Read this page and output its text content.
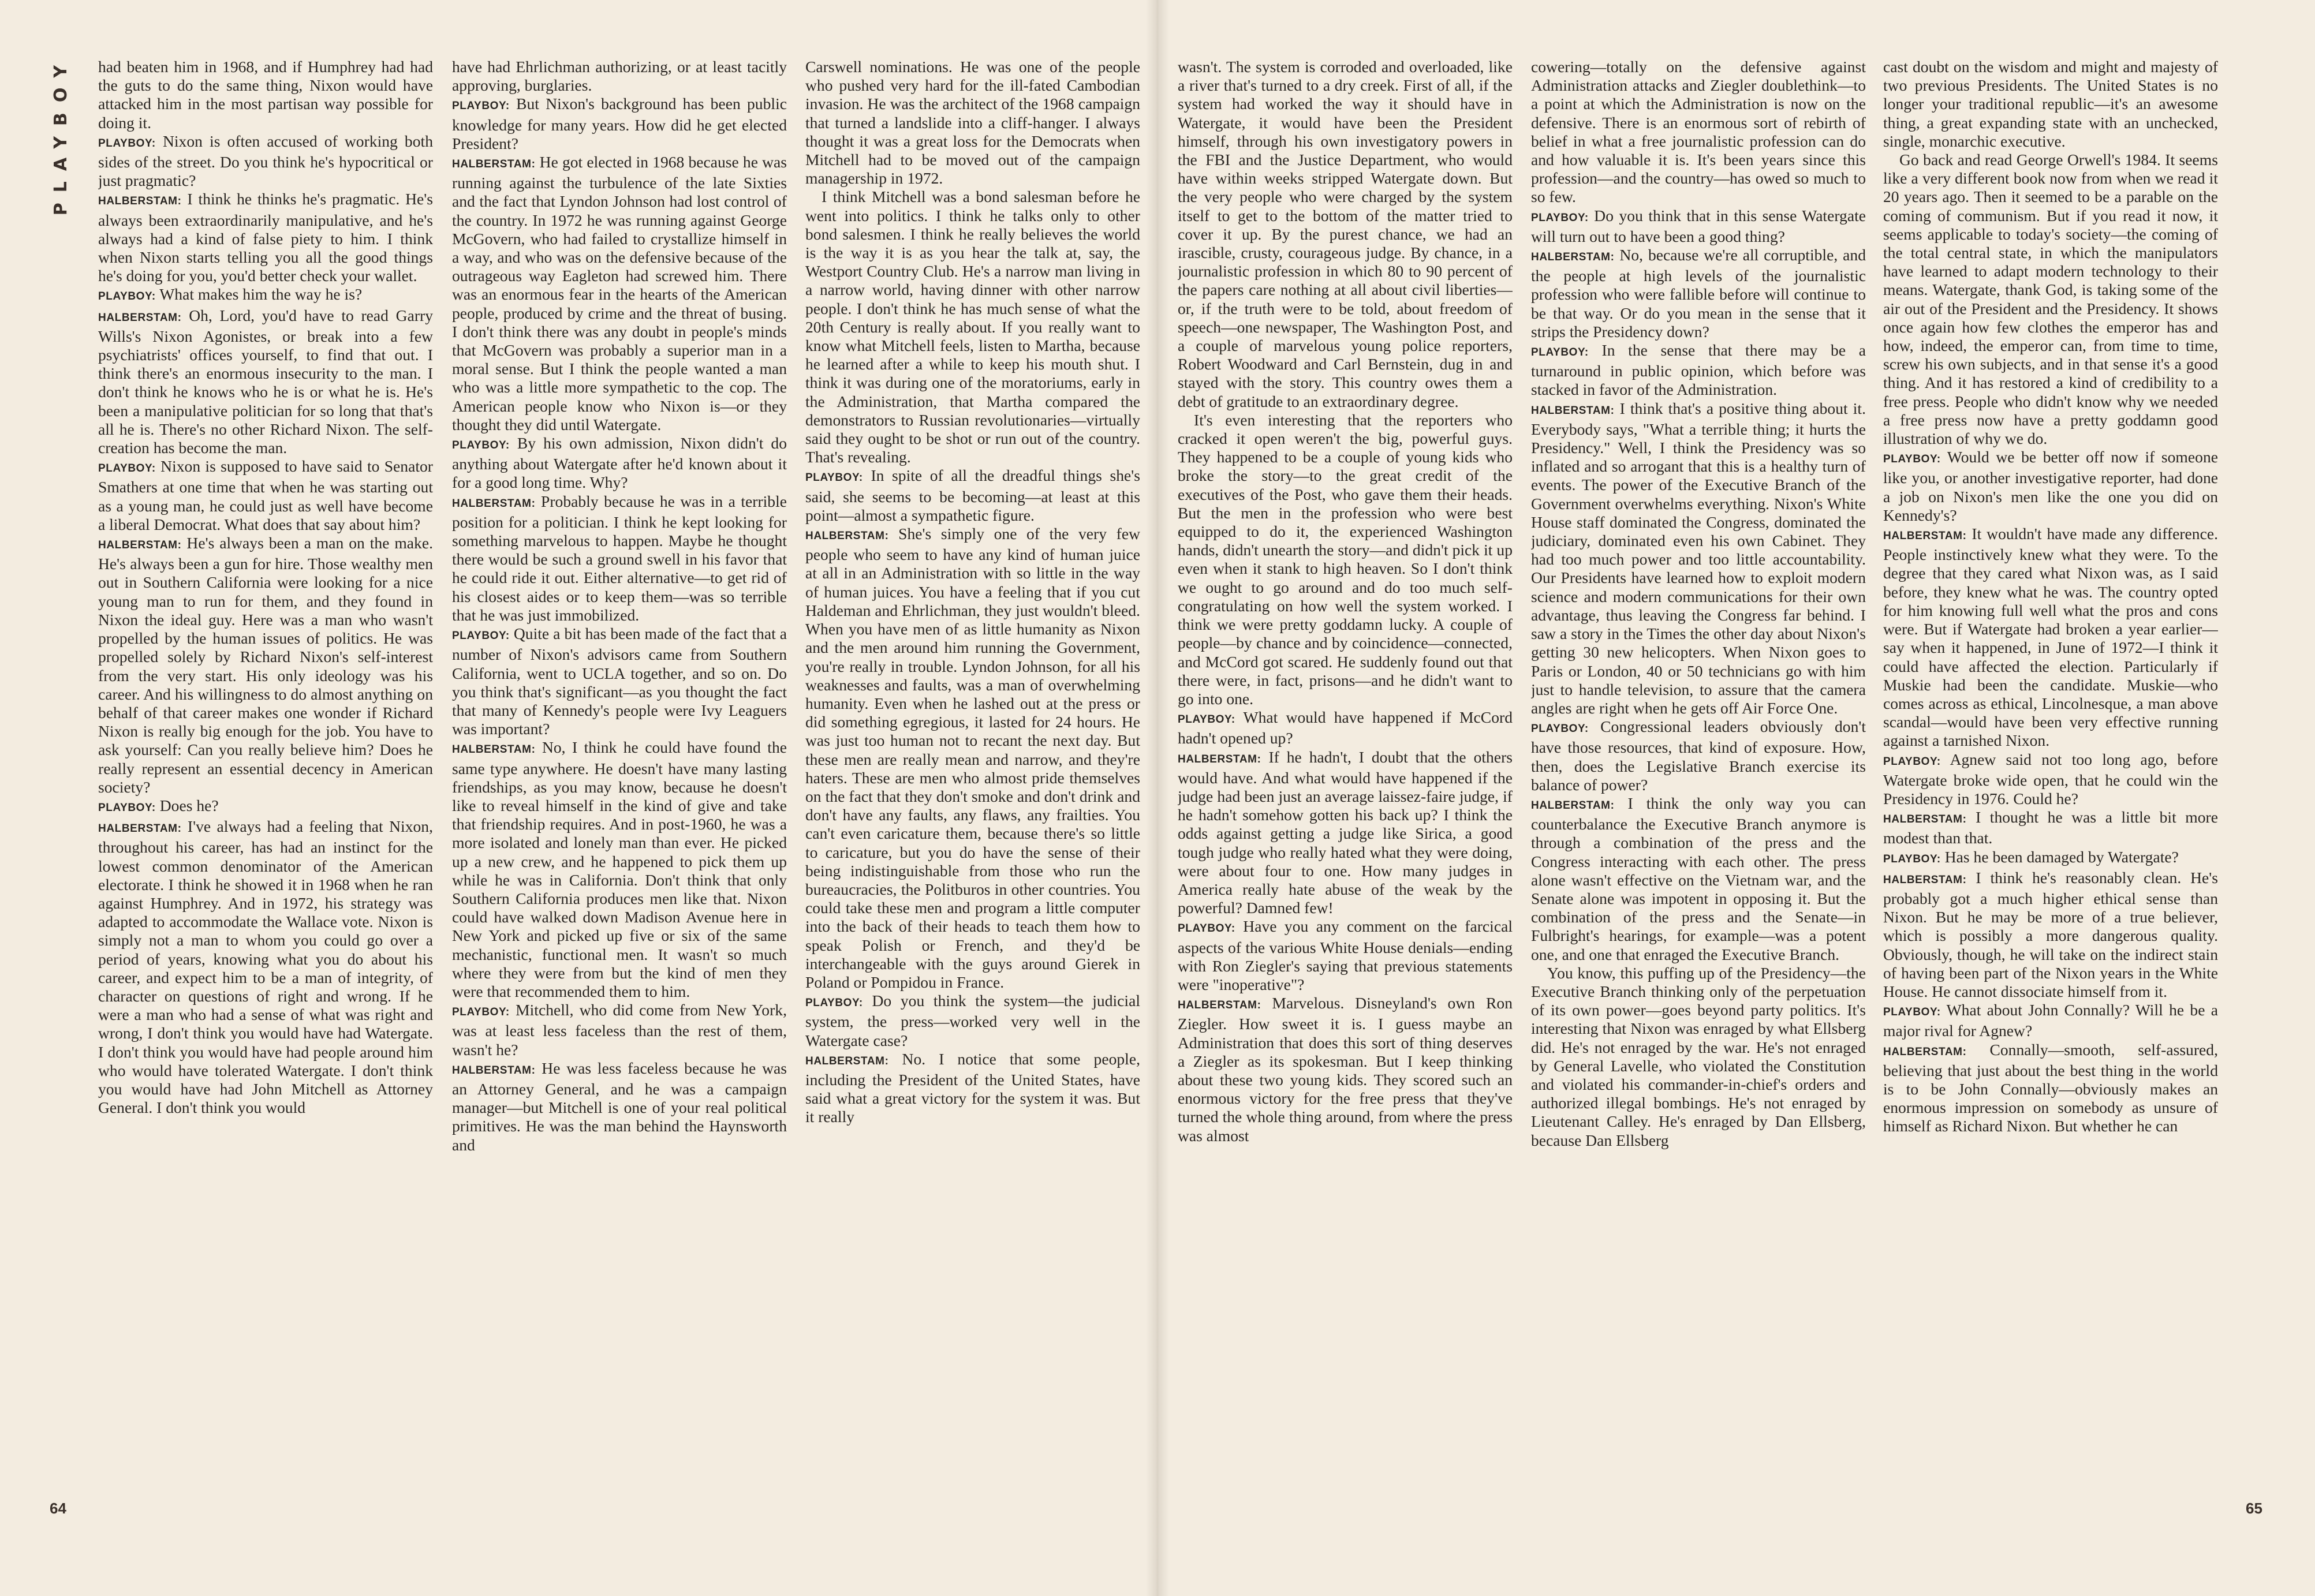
PLAYBOY had beaten him in 1968, and if Humphrey had had the guts to do the same thing, Nixon would have attacked him in the most partisan way possible for doing it.

PLAYBOY: Nixon is often accused of working both sides of the street. Do you think he's hypocritical or just pragmatic?

HALBERSTAM: I think he thinks he's pragmatic. He's always been extraordinarily manipulative, and he's always had a kind of false piety to him. I think when Nixon starts telling you all the good things he's doing for you, you'd better check your wallet.

PLAYBOY: What makes him the way he is?

HALBERSTAM: Oh, Lord, you'd have to read Garry Wills's Nixon Agonistes, or break into a few psychiatrists' offices yourself, to find that out. I think there's an enormous insecurity to the man. I don't think he knows who he is or what he is. He's been a manipulative politician for so long that that's all he is. There's no other Richard Nixon. The self-creation has become the man.

PLAYBOY: Nixon is supposed to have said to Senator Smathers at one time that when he was starting out as a young man, he could just as well have become a liberal Democrat. What does that say about him?

HALBERSTAM: He's always been a man on the make. He's always been a gun for hire. Those wealthy men out in Southern California were looking for a nice young man to run for them, and they found in Nixon the ideal guy. Here was a man who wasn't propelled by the human issues of politics. He was propelled solely by Richard Nixon's self-interest from the very start. His only ideology was his career. And his willingness to do almost anything on behalf of that career makes one wonder if Richard Nixon is really big enough for the job. You have to ask yourself: Can you really believe him? Does he really represent an essential decency in American society?

PLAYBOY: Does he?

HALBERSTAM: I've always had a feeling that Nixon, throughout his career, has had an instinct for the lowest common denominator of the American electorate. I think he showed it in 1968 when he ran against Humphrey. And in 1972, his strategy was adapted to accommodate the Wallace vote. Nixon is simply not a man to whom you could go over a period of years, knowing what you do about his career, and expect him to be a man of integrity, of character on questions of right and wrong. If he were a man who had a sense of what was right and wrong, I don't think you would have had Watergate. I don't think you would have had people around him who would have tolerated Watergate. I don't think you would have had John Mitchell as Attorney General. I don't think you would

have had Ehrlichman authorizing, or at least tacitly approving, burglaries.

PLAYBOY: But Nixon's background has been public knowledge for many years. How did he get elected President?

HALBERSTAM: He got elected in 1968 because he was running against the turbulence of the late Sixties and the fact that Lyndon Johnson had lost control of the country. In 1972 he was running against George McGovern, who had failed to crystallize himself in a way, and who was on the defensive because of the outrageous way Eagleton had screwed him. There was an enormous fear in the hearts of the American people, produced by crime and the threat of busing. I don't think there was any doubt in people's minds that McGovern was probably a superior man in a moral sense. But I think the people wanted a man who was a little more sympathetic to the cop. The American people know who Nixon is—or they thought they did until Watergate.

PLAYBOY: By his own admission, Nixon didn't do anything about Watergate after he'd known about it for a good long time. Why?

HALBERSTAM: Probably because he was in a terrible position for a politician. I think he kept looking for something marvelous to happen. Maybe he thought there would be such a ground swell in his favor that he could ride it out. Either alternative—to get rid of his closest aides or to keep them—was so terrible that he was just immobilized.

PLAYBOY: Quite a bit has been made of the fact that a number of Nixon's advisors came from Southern California, went to UCLA together, and so on. Do you think that's significant—as you thought the fact that many of Kennedy's people were Ivy Leaguers was important?

HALBERSTAM: No, I think he could have found the same type anywhere. He doesn't have many lasting friendships, as you may know, because he doesn't like to reveal himself in the kind of give and take that friendship requires. And in post-1960, he was a more isolated and lonely man than ever. He picked up a new crew, and he happened to pick them up while he was in California. Don't think that only Southern California produces men like that. Nixon could have walked down Madison Avenue here in New York and picked up five or six of the same mechanistic, functional men. It wasn't so much where they were from but the kind of men they were that recommended them to him.

PLAYBOY: Mitchell, who did come from New York, was at least less faceless than the rest of them, wasn't he?

HALBERSTAM: He was less faceless because he was an Attorney General, and he was a campaign manager—but Mitchell is one of your real political primitives. He was the man behind the Haynsworth and

Carswell nominations. He was one of the people who pushed very hard for the ill-fated Cambodian invasion. He was the architect of the 1968 campaign that turned a landslide into a cliff-hanger. I always thought it was a great loss for the Democrats when Mitchell had to be moved out of the campaign managership in 1972.

I think Mitchell was a bond salesman before he went into politics. I think he talks only to other bond salesmen. I think he really believes the world is the way it is as you hear the talk at, say, the Westport Country Club. He's a narrow man living in a narrow world, having dinner with other narrow people. I don't think he has much sense of what the 20th Century is really about. If you really want to know what Mitchell feels, listen to Martha, because he learned after a while to keep his mouth shut. I think it was during one of the moratoriums, early in the Administration, that Martha compared the demonstrators to Russian revolutionaries—virtually said they ought to be shot or run out of the country. That's revealing.

PLAYBOY: In spite of all the dreadful things she's said, she seems to be becoming—at least at this point—almost a sympathetic figure.

HALBERSTAM: She's simply one of the very few people who seem to have any kind of human juice at all in an Administration with so little in the way of human juices. You have a feeling that if you cut Haldeman and Ehrlichman, they just wouldn't bleed. When you have men of as little humanity as Nixon and the men around him running the Government, you're really in trouble. Lyndon Johnson, for all his weaknesses and faults, was a man of overwhelming humanity. Even when he lashed out at the press or did something egregious, it lasted for 24 hours. He was just too human not to recant the next day. But these men are really mean and narrow, and they're haters. These are men who almost pride themselves on the fact that they don't smoke and don't drink and don't have any faults, any flaws, any frailties. You can't even caricature them, because there's so little to caricature, but you do have the sense of their being indistinguishable from those who run the bureaucracies, the Politburos in other countries. You could take these men and program a little computer into the back of their heads to teach them how to speak Polish or French, and they'd be interchangeable with the guys around Gierek in Poland or Pompidou in France.

PLAYBOY: Do you think the system—the judicial system, the press—worked very well in the Watergate case?

HALBERSTAM: No. I notice that some people, including the President of the United States, have said what a great victory for the system it was. But it really

wasn't. The system is corroded and overloaded, like a river that's turned to a dry creek. First of all, if the system had worked the way it should have in Watergate, it would have been the President himself, through his own investigatory powers in the FBI and the Justice Department, who would have within weeks stripped Watergate down. But the very people who were charged by the system itself to get to the bottom of the matter tried to cover it up. By the purest chance, we had an irascible, crusty, courageous judge. By chance, in a journalistic profession in which 80 to 90 percent of the papers care nothing at all about civil liberties—or, if the truth were to be told, about freedom of speech—one newspaper, The Washington Post, and a couple of marvelous young police reporters, Robert Woodward and Carl Bernstein, dug in and stayed with the story. This country owes them a debt of gratitude to an extraordinary degree.

It's even interesting that the reporters who cracked it open weren't the big, powerful guys. They happened to be a couple of young kids who broke the story—to the great credit of the executives of the Post, who gave them their heads. But the men in the profession who were best equipped to do it, the experienced Washington hands, didn't unearth the story—and didn't pick it up even when it stank to high heaven. So I don't think we ought to go around and do too much self-congratulating on how well the system worked. I think we were pretty goddamn lucky. A couple of people—by chance and by coincidence—connected, and McCord got scared. He suddenly found out that there were, in fact, prisons—and he didn't want to go into one.

PLAYBOY: What would have happened if McCord hadn't opened up?

HALBERSTAM: If he hadn't, I doubt that the others would have. And what would have happened if the judge had been just an average laissez-faire judge, if he hadn't somehow gotten his back up? I think the odds against getting a judge like Sirica, a good tough judge who really hated what they were doing, were about four to one. How many judges in America really hate abuse of the weak by the powerful? Damned few!

PLAYBOY: Have you any comment on the farcical aspects of the various White House denials—ending with Ron Ziegler's saying that previous statements were "inoperative"?

HALBERSTAM: Marvelous. Disneyland's own Ron Ziegler. How sweet it is. I guess maybe an Administration that does this sort of thing deserves a Ziegler as its spokesman. But I keep thinking about these two young kids. They scored such an enormous victory for the free press that they've turned the whole thing around, from where the press was almost

cowering—totally on the defensive against Administration attacks and Ziegler doublethink—to a point at which the Administration is now on the defensive. There is an enormous sort of rebirth of belief in what a free journalistic profession can do and how valuable it is. It's been years since this profession—and the country—has owed so much to so few.

PLAYBOY: Do you think that in this sense Watergate will turn out to have been a good thing?

HALBERSTAM: No, because we're all corruptible, and the people at high levels of the journalistic profession who were fallible before will continue to be that way. Or do you mean in the sense that it strips the Presidency down?

PLAYBOY: In the sense that there may be a turnaround in public opinion, which before was stacked in favor of the Administration.

HALBERSTAM: I think that's a positive thing about it. Everybody says, "What a terrible thing; it hurts the Presidency." Well, I think the Presidency was so inflated and so arrogant that this is a healthy turn of events. The power of the Executive Branch of the Government overwhelms everything. Nixon's White House staff dominated the Congress, dominated the judiciary, dominated even his own Cabinet. They had too much power and too little accountability. Our Presidents have learned how to exploit modern science and modern communications for their own advantage, thus leaving the Congress far behind. I saw a story in the Times the other day about Nixon's getting 30 new helicopters. When Nixon goes to Paris or London, 40 or 50 technicians go with him just to handle television, to assure that the camera angles are right when he gets off Air Force One.

PLAYBOY: Congressional leaders obviously don't have those resources, that kind of exposure. How, then, does the Legislative Branch exercise its balance of power?

HALBERSTAM: I think the only way you can counterbalance the Executive Branch anymore is through a combination of the press and the Congress interacting with each other. The press alone wasn't effective on the Vietnam war, and the Senate alone was impotent in opposing it. But the combination of the press and the Senate—in Fulbright's hearings, for example—was a potent one, and one that enraged the Executive Branch.

You know, this puffing up of the Presidency—the Executive Branch thinking only of the perpetuation of its own power—goes beyond party politics. It's interesting that Nixon was enraged by what Ellsberg did. He's not enraged by the war. He's not enraged by General Lavelle, who violated the Constitution and violated his commander-in-chief's orders and authorized illegal bombings. He's not enraged by Lieutenant Calley. He's enraged by Dan Ellsberg, because Dan Ellsberg

cast doubt on the wisdom and might and majesty of two previous Presidents. The United States is no longer your traditional republic—it's an awesome thing, a great expanding state with an unchecked, single, monarchic executive.

Go back and read George Orwell's 1984. It seems like a very different book now from when we read it 20 years ago. Then it seemed to be a parable on the coming of communism. But if you read it now, it seems applicable to today's society—the coming of the total central state, in which the manipulators have learned to adapt modern technology to their means. Watergate, thank God, is taking some of the air out of the President and the Presidency. It shows once again how few clothes the emperor has and how, indeed, the emperor can, from time to time, screw his own subjects, and in that sense it's a good thing. And it has restored a kind of credibility to a free press. People who didn't know why we needed a free press now have a pretty goddamn good illustration of why we do.

PLAYBOY: Would we be better off now if someone like you, or another investigative reporter, had done a job on Nixon's men like the one you did on Kennedy's?

HALBERSTAM: It wouldn't have made any difference. People instinctively knew what they were. To the degree that they cared what Nixon was, as I said before, they knew what he was. The country opted for him knowing full well what the pros and cons were. But if Watergate had broken a year earlier—say when it happened, in June of 1972—I think it could have affected the election. Particularly if Muskie had been the candidate. Muskie—who comes across as ethical, Lincolnesque, a man above scandal—would have been very effective running against a tarnished Nixon.

PLAYBOY: Agnew said not too long ago, before Watergate broke wide open, that he could win the Presidency in 1976. Could he?

HALBERSTAM: I thought he was a little bit more modest than that.

PLAYBOY: Has he been damaged by Watergate?

HALBERSTAM: I think he's reasonably clean. He's probably got a much higher ethical sense than Nixon. But he may be more of a true believer, which is possibly a more dangerous quality. Obviously, though, he will take on the indirect stain of having been part of the Nixon years in the White House. He cannot dissociate himself from it.

PLAYBOY: What about John Connally? Will he be a major rival for Agnew?

HALBERSTAM: Connally—smooth, self-assured, believing that just about the best thing in the world is to be John Connally—obviously makes an enormous impression on somebody as unsure of himself as Richard Nixon. But whether he can

64	65
